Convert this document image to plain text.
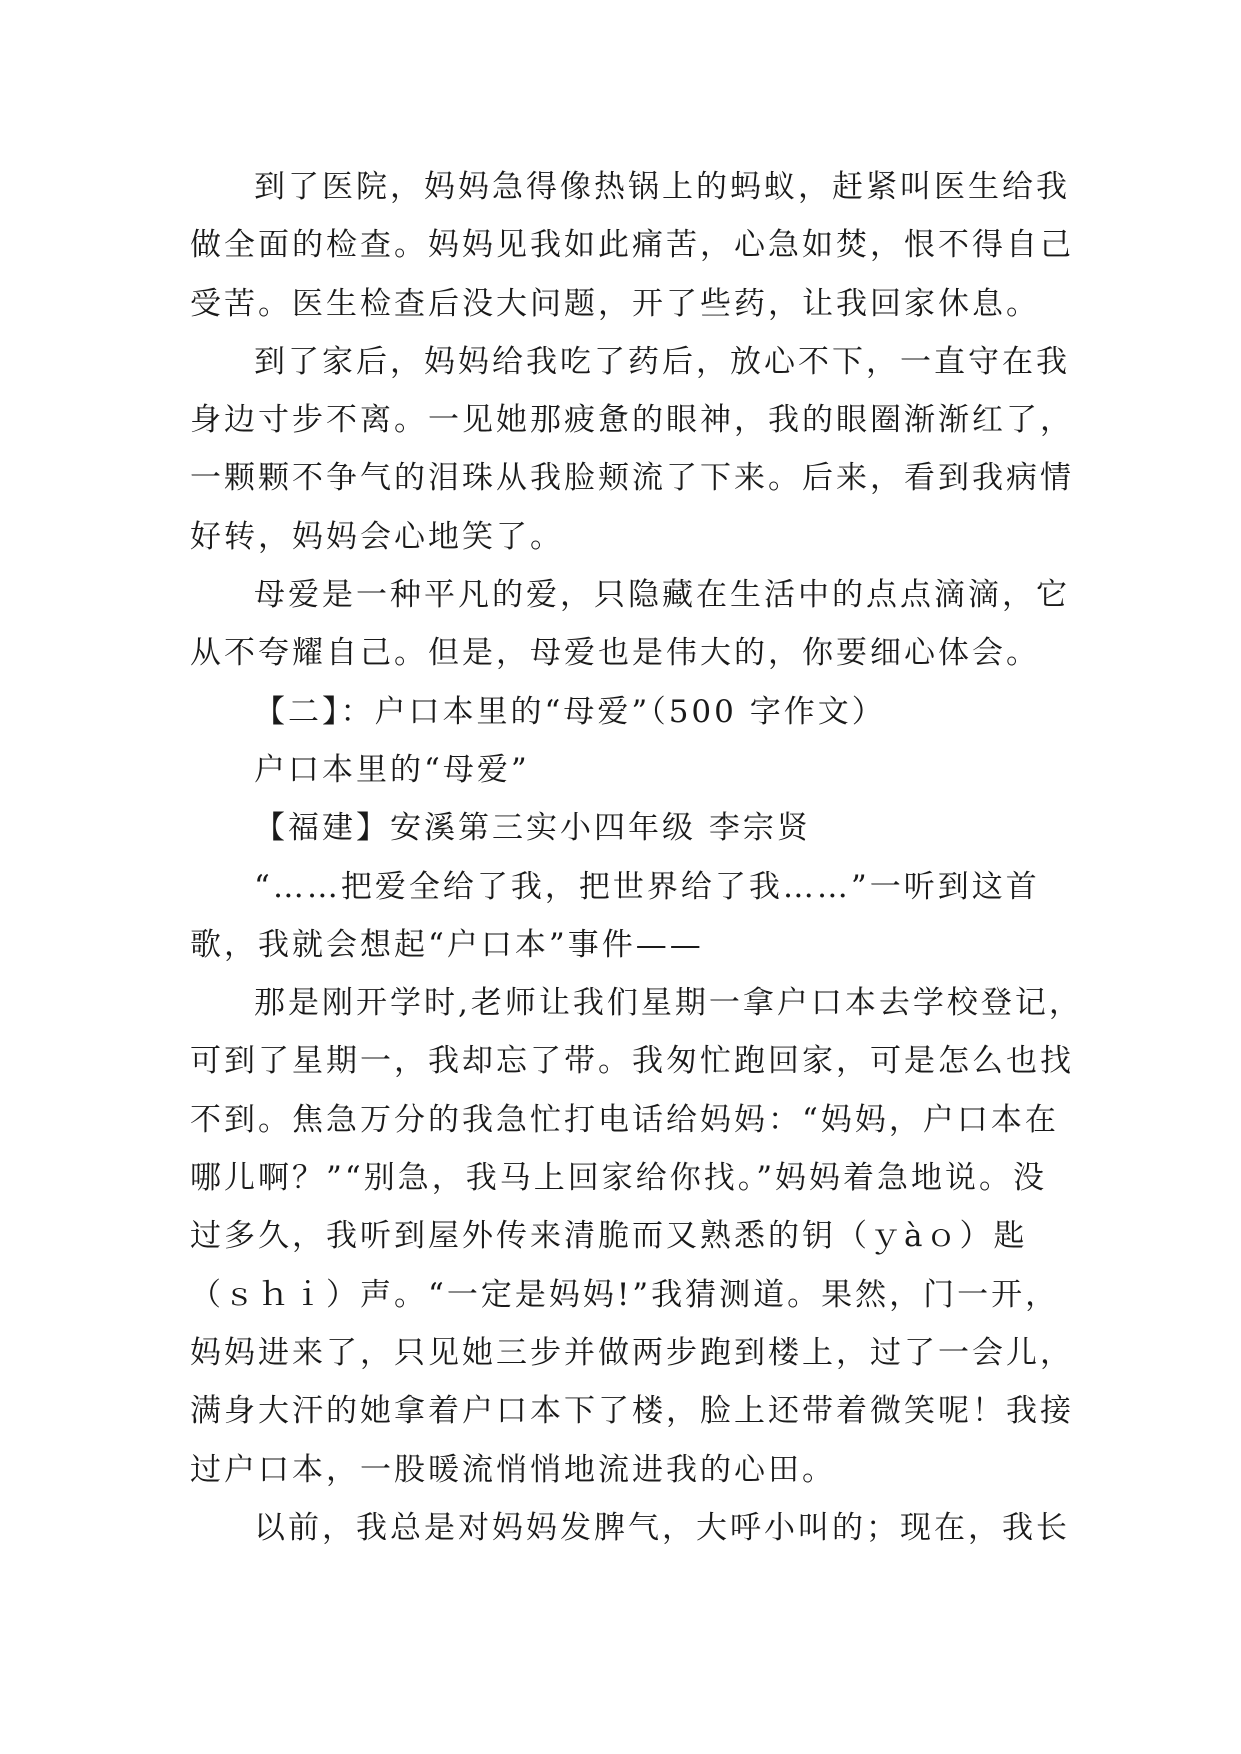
到了医院，妈妈急得像热锅上的蚂蚁，赶紧叫医生给我
做全面的检查。妈妈见我如此痛苦，心急如焚，恨不得自己
受苦。医生检查后没大问题，开了些药，让我回家休息。
到了家后，妈妈给我吃了药后，放心不下，一直守在我
身边寸步不离。一见她那疲惫的眼神，我的眼圈渐渐红了，
一颗颗不争气的泪珠从我脸颊流了下来。后来，看到我病情
好转，妈妈会心地笑了。
母爱是一种平凡的爱，只隐藏在生活中的点点滴滴，它
从不夸耀自己。但是，母爱也是伟大的，你要细心体会。
【二】：户口本里的“母爱”（500 字作文）
户口本里的“母爱”
【福建】安溪第三实小四年级 李宗贤
“……把爱全给了我，把世界给了我……”一听到这首
歌，我就会想起“户口本”事件——
那是刚开学时,老师让我们星期一拿户口本去学校登记，
可到了星期一，我却忘了带。我匆忙跑回家，可是怎么也找
不到。焦急万分的我急忙打电话给妈妈：“妈妈，户口本在
哪儿啊？”“别急，我马上回家给你找。”妈妈着急地说。没
过多久，我听到屋外传来清脆而又熟悉的钥（ｙàｏ）匙
（ｓｈｉ）声。“一定是妈妈!”我猜测道。果然，门一开，
妈妈进来了，只见她三步并做两步跑到楼上，过了一会儿，
满身大汗的她拿着户口本下了楼，脸上还带着微笑呢！我接
过户口本，一股暖流悄悄地流进我的心田。
以前，我总是对妈妈发脾气，大呼小叫的；现在，我长
